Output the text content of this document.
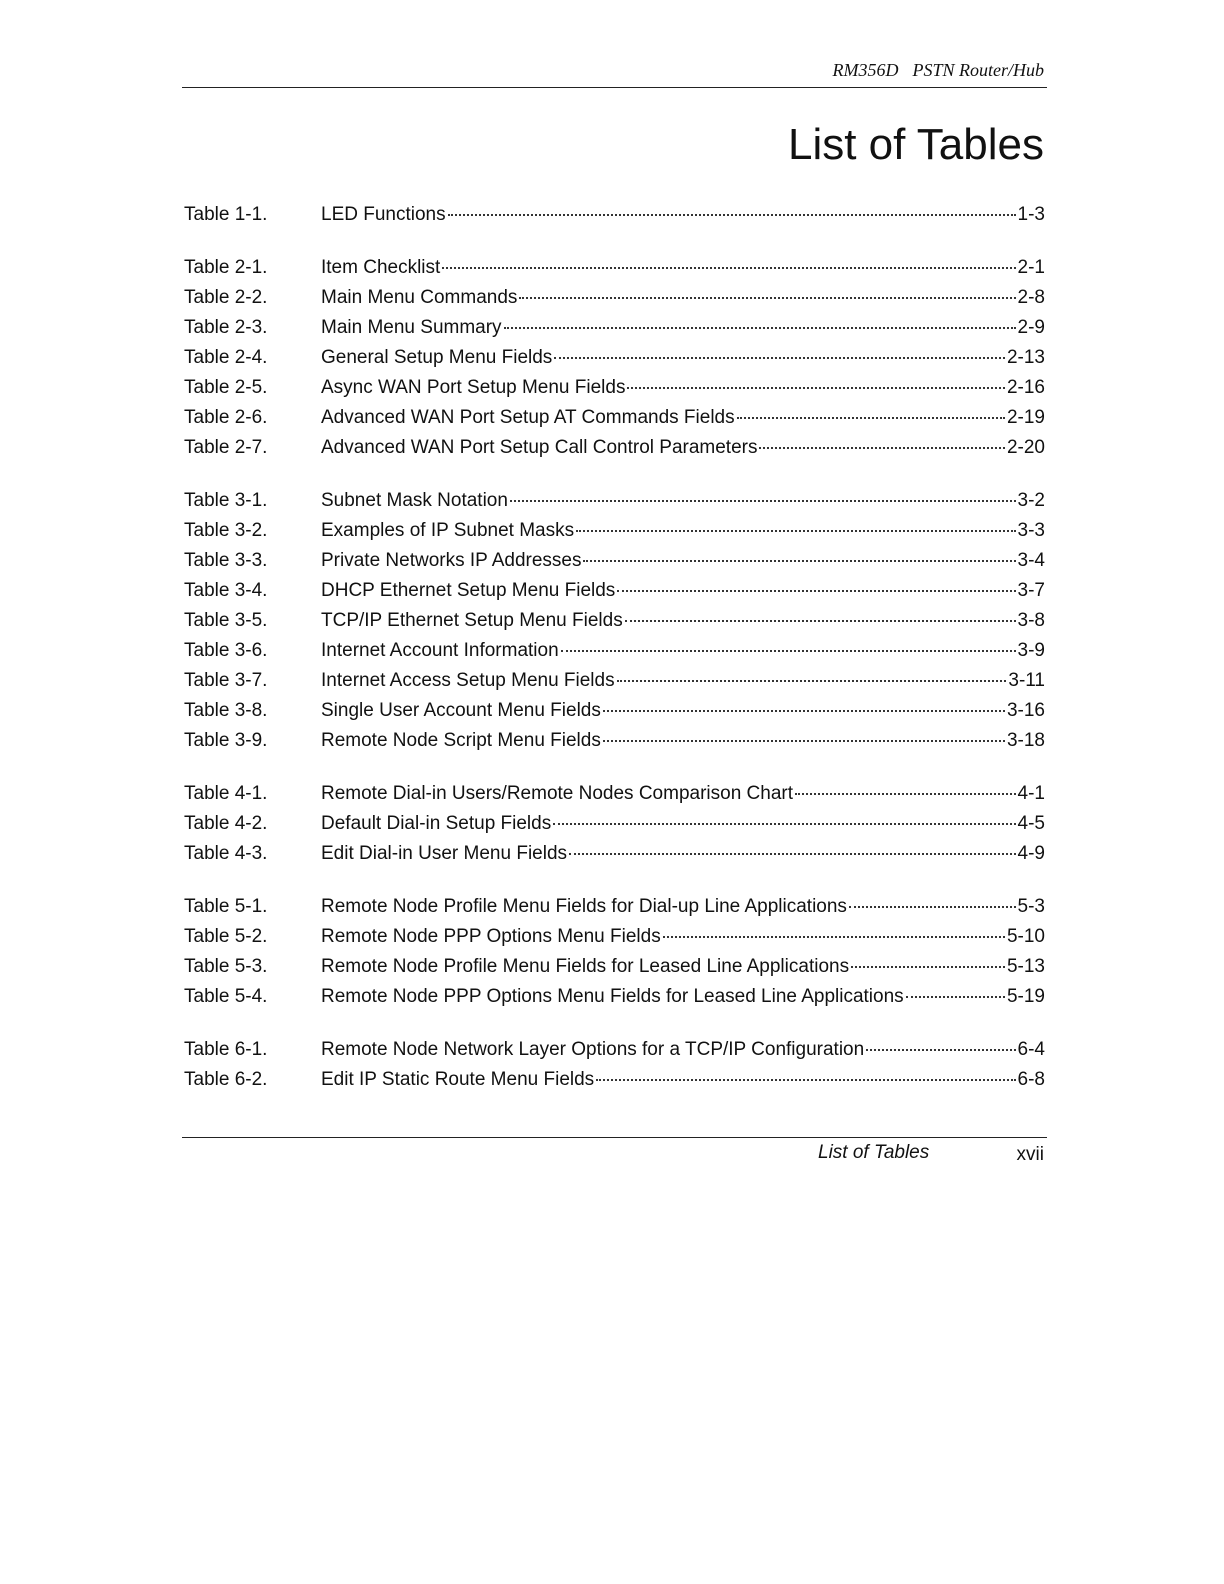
RM356D PSTN Router/Hub
List of Tables
Table 1-1.	LED Functions	1-3
Table 2-1.	Item Checklist	2-1
Table 2-2.	Main Menu Commands	2-8
Table 2-3.	Main Menu Summary	2-9
Table 2-4.	General Setup Menu Fields	2-13
Table 2-5.	Async WAN Port Setup Menu Fields	2-16
Table 2-6.	Advanced WAN Port Setup AT Commands Fields	2-19
Table 2-7.	Advanced WAN Port Setup Call Control Parameters	2-20
Table 3-1.	Subnet Mask Notation	3-2
Table 3-2.	Examples of IP Subnet Masks	3-3
Table 3-3.	Private Networks IP Addresses	3-4
Table 3-4.	DHCP Ethernet Setup Menu Fields	3-7
Table 3-5.	TCP/IP Ethernet Setup Menu Fields	3-8
Table 3-6.	Internet Account Information	3-9
Table 3-7.	Internet Access Setup Menu Fields	3-11
Table 3-8.	Single User Account Menu Fields	3-16
Table 3-9.	Remote Node Script Menu Fields	3-18
Table 4-1.	Remote Dial-in Users/Remote Nodes Comparison Chart	4-1
Table 4-2.	Default Dial-in Setup Fields	4-5
Table 4-3.	Edit Dial-in User Menu Fields	4-9
Table 5-1.	Remote Node Profile Menu Fields for Dial-up Line Applications	5-3
Table 5-2.	Remote Node PPP Options Menu Fields	5-10
Table 5-3.	Remote Node Profile Menu Fields for Leased Line Applications	5-13
Table 5-4.	Remote Node PPP Options Menu Fields for Leased Line Applications	5-19
Table 6-1.	Remote Node Network Layer Options for a TCP/IP Configuration	6-4
Table 6-2.	Edit IP Static Route Menu Fields	6-8
List of Tables	xvii
